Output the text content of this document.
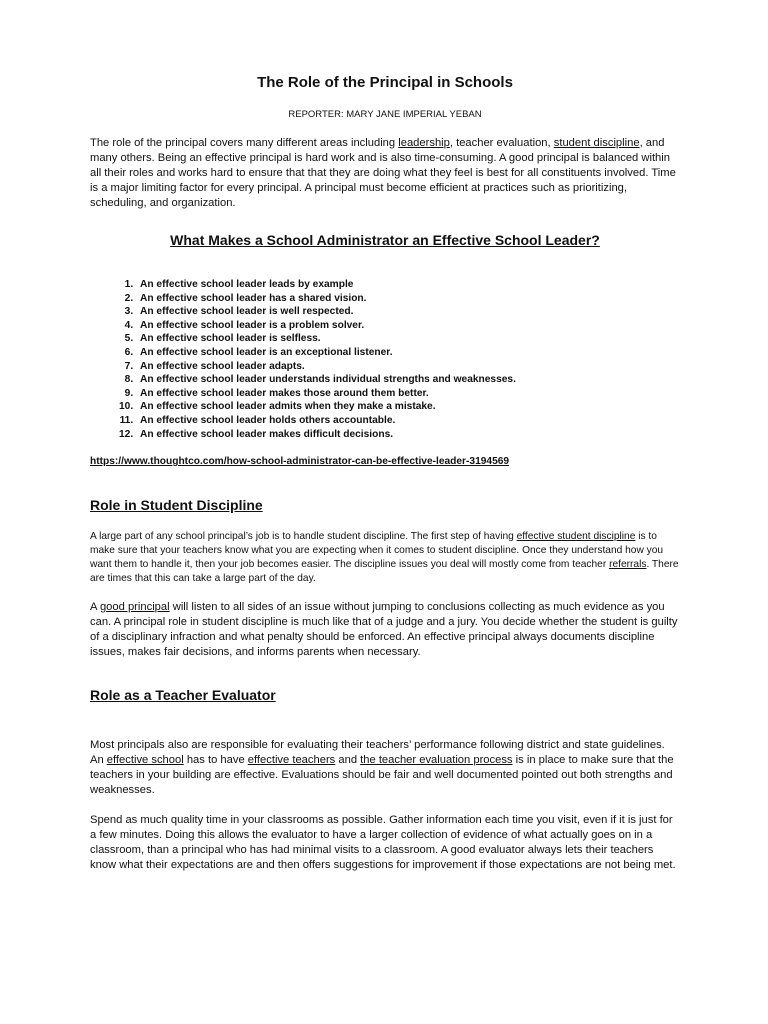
The Role of the Principal in Schools

REPORTER: MARY JANE IMPERIAL YEBAN

The role of the principal covers many different areas including leadership, teacher evaluation, student discipline, and many others. Being an effective principal is hard work and is also time-consuming. A good principal is balanced within all their roles and works hard to ensure that that they are doing what they feel is best for all constituents involved. Time is a major limiting factor for every principal. A principal must become efficient at practices such as prioritizing, scheduling, and organization.

What Makes a School Administrator an Effective School Leader?
1. An effective school leader leads by example
2. An effective school leader has a shared vision.
3. An effective school leader is well respected.
4. An effective school leader is a problem solver.
5. An effective school leader is selfless.
6. An effective school leader is an exceptional listener.
7. An effective school leader adapts.
8. An effective school leader understands individual strengths and weaknesses.
9. An effective school leader makes those around them better.
10. An effective school leader admits when they make a mistake.
11. An effective school leader holds others accountable.
12. An effective school leader makes difficult decisions.

https://www.thoughtco.com/how-school-administrator-can-be-effective-leader-3194569

Role in Student Discipline

A large part of any school principal’s job is to handle student discipline. The first step of having effective student discipline is to make sure that your teachers know what you are expecting when it comes to student discipline. Once they understand how you want them to handle it, then your job becomes easier. The discipline issues you deal will mostly come from teacher referrals. There are times that this can take a large part of the day.

A good principal will listen to all sides of an issue without jumping to conclusions collecting as much evidence as you can. A principal role in student discipline is much like that of a judge and a jury. You decide whether the student is guilty of a disciplinary infraction and what penalty should be enforced. An effective principal always documents discipline issues, makes fair decisions, and informs parents when necessary.

Role as a Teacher Evaluator

Most principals also are responsible for evaluating their teachers’ performance following district and state guidelines. An effective school has to have effective teachers and the teacher evaluation process is in place to make sure that the teachers in your building are effective. Evaluations should be fair and well documented pointed out both strengths and weaknesses.

Spend as much quality time in your classrooms as possible. Gather information each time you visit, even if it is just for a few minutes. Doing this allows the evaluator to have a larger collection of evidence of what actually goes on in a classroom, than a principal who has had minimal visits to a classroom. A good evaluator always lets their teachers know what their expectations are and then offers suggestions for improvement if those expectations are not being met.
